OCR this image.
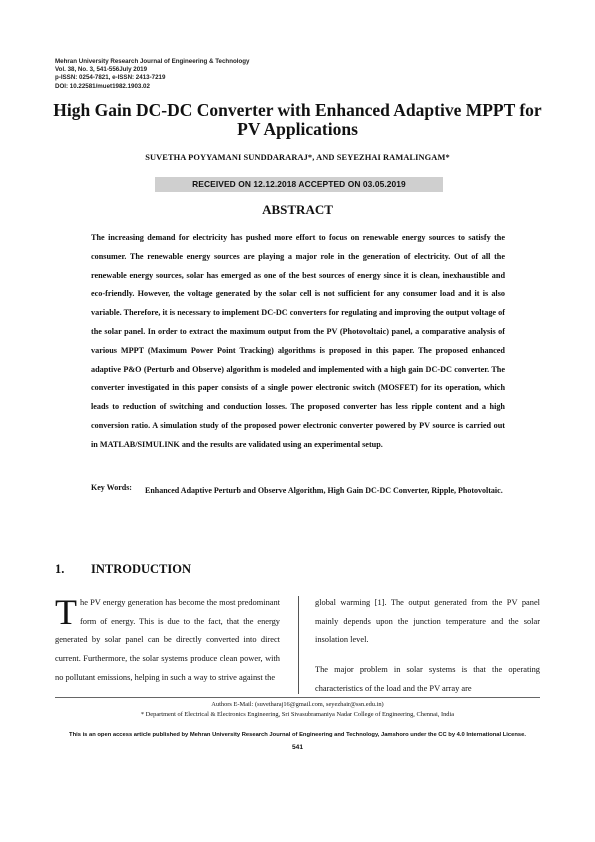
Mehran University Research Journal of Engineering & Technology
Vol. 38, No. 3, 541-556July 2019
p-ISSN: 0254-7821, e-ISSN: 2413-7219
DOI: 10.22581/muet1982.1903.02
High Gain DC-DC Converter with Enhanced Adaptive MPPT for PV Applications
SUVETHA POYYAMANI SUNDDARARAJ*, AND SEYEZHAI RAMALINGAM*
RECEIVED ON 12.12.2018 ACCEPTED ON 03.05.2019
ABSTRACT
The increasing demand for electricity has pushed more effort to focus on renewable energy sources to satisfy the consumer. The renewable energy sources are playing a major role in the generation of electricity. Out of all the renewable energy sources, solar has emerged as one of the best sources of energy since it is clean, inexhaustible and eco-friendly. However, the voltage generated by the solar cell is not sufficient for any consumer load and it is also variable. Therefore, it is necessary to implement DC-DC converters for regulating and improving the output voltage of the solar panel. In order to extract the maximum output from the PV (Photovoltaic) panel, a comparative analysis of various MPPT (Maximum Power Point Tracking) algorithms is proposed in this paper. The proposed enhanced adaptive P&O (Perturb and Observe) algorithm is modeled and implemented with a high gain DC-DC converter. The converter investigated in this paper consists of a single power electronic switch (MOSFET) for its operation, which leads to reduction of switching and conduction losses. The proposed converter has less ripple content and a high conversion ratio. A simulation study of the proposed power electronic converter powered by PV source is carried out in MATLAB/SIMULINK and the results are validated using an experimental setup.
Key Words: Enhanced Adaptive Perturb and Observe Algorithm, High Gain DC-DC Converter, Ripple, Photovoltaic.
1. INTRODUCTION
T he PV energy generation has become the most predominant form of energy. This is due to the fact, that the energy generated by solar panel can be directly converted into direct current. Furthermore, the solar systems produce clean power, with no pollutant emissions, helping in such a way to strive against the

global warming [1]. The output generated from the PV panel mainly depends upon the junction temperature and the solar insolation level.

The major problem in solar systems is that the operating characteristics of the load and the PV array are

Authors E-Mail: (suvetharaj16@gmail.com, seyezhair@ssn.edu.in)
* Department of Electrical & Electronics Engineering, Sri Sivasubramaniya Nadar College of Engineering, Chennai, India
This is an open access article published by Mehran University Research Journal of Engineering and Technology, Jamshoro under the CC by 4.0 International License.
541
